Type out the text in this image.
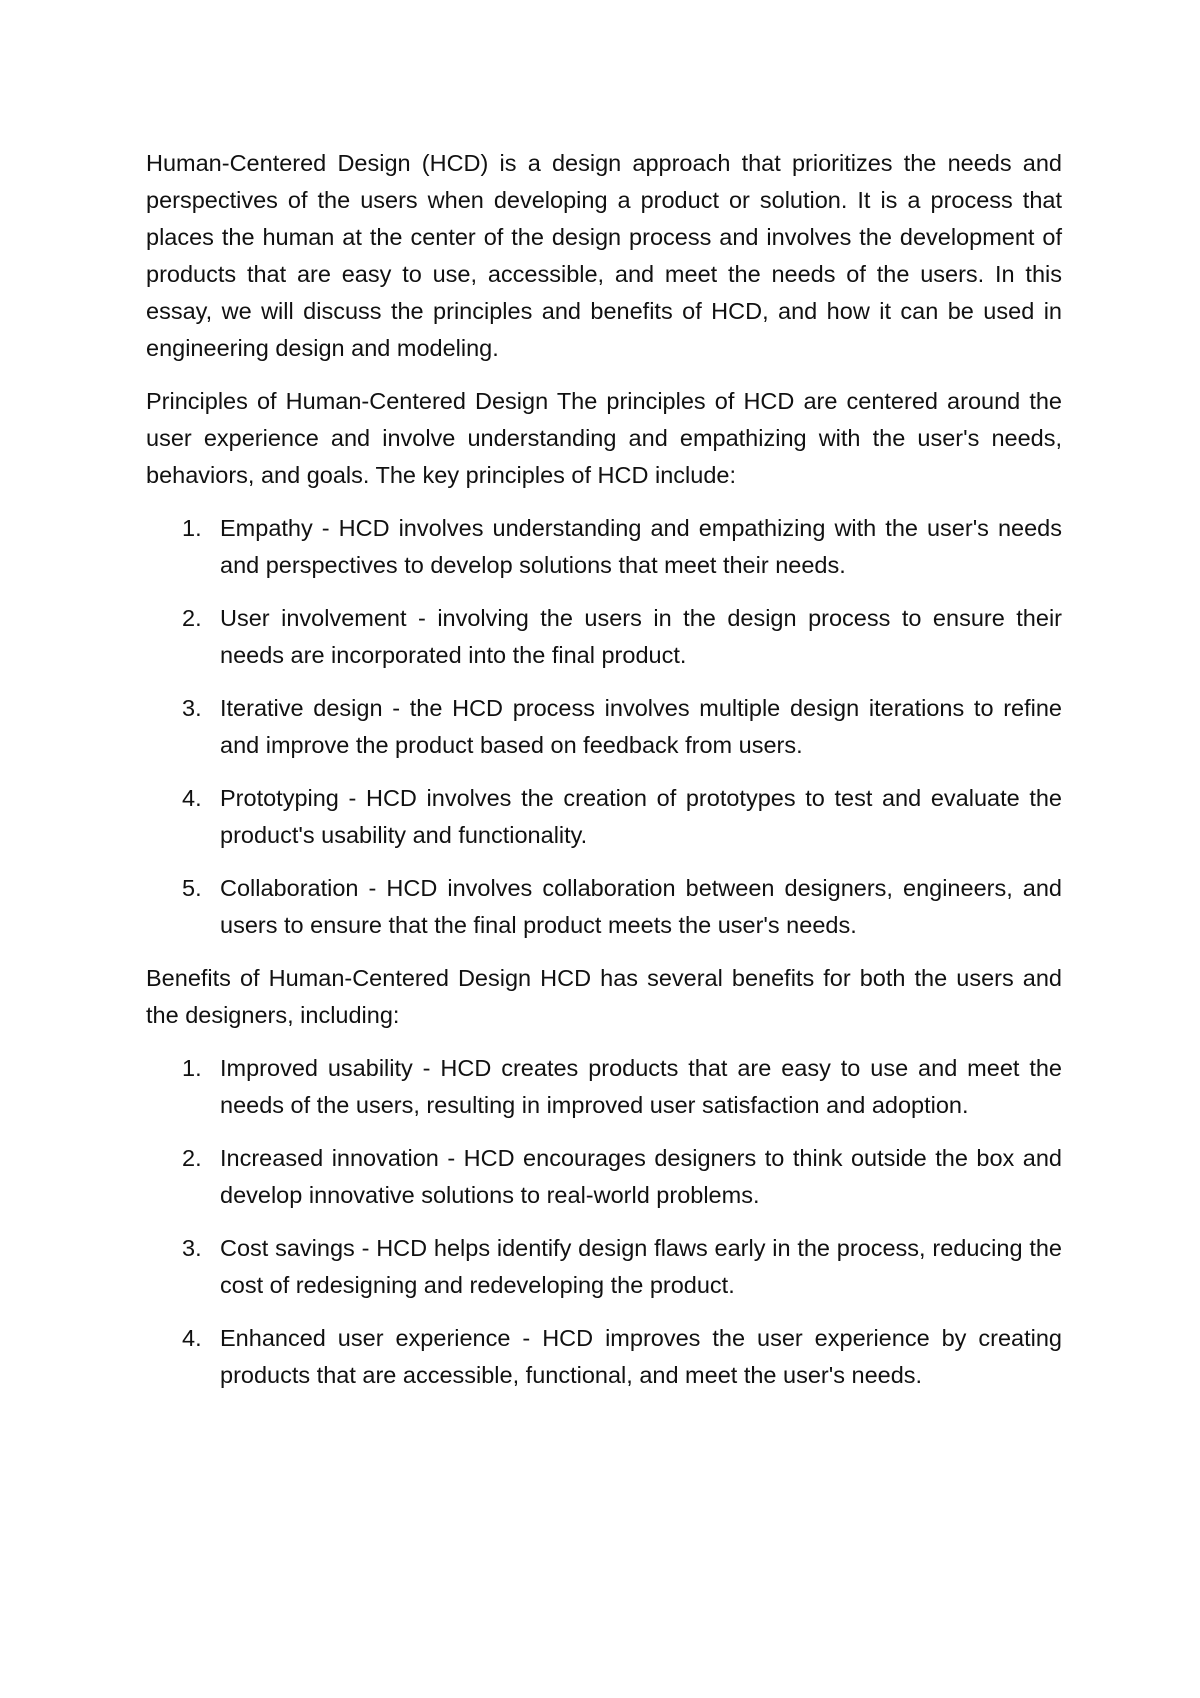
Human-Centered Design (HCD) is a design approach that prioritizes the needs and perspectives of the users when developing a product or solution. It is a process that places the human at the center of the design process and involves the development of products that are easy to use, accessible, and meet the needs of the users. In this essay, we will discuss the principles and benefits of HCD, and how it can be used in engineering design and modeling.

Principles of Human-Centered Design The principles of HCD are centered around the user experience and involve understanding and empathizing with the user's needs, behaviors, and goals. The key principles of HCD include:

1. Empathy - HCD involves understanding and empathizing with the user's needs and perspectives to develop solutions that meet their needs.
2. User involvement - involving the users in the design process to ensure their needs are incorporated into the final product.
3. Iterative design - the HCD process involves multiple design iterations to refine and improve the product based on feedback from users.
4. Prototyping - HCD involves the creation of prototypes to test and evaluate the product's usability and functionality.
5. Collaboration - HCD involves collaboration between designers, engineers, and users to ensure that the final product meets the user's needs.

Benefits of Human-Centered Design HCD has several benefits for both the users and the designers, including:

1. Improved usability - HCD creates products that are easy to use and meet the needs of the users, resulting in improved user satisfaction and adoption.
2. Increased innovation - HCD encourages designers to think outside the box and develop innovative solutions to real-world problems.
3. Cost savings - HCD helps identify design flaws early in the process, reducing the cost of redesigning and redeveloping the product.
4. Enhanced user experience - HCD improves the user experience by creating products that are accessible, functional, and meet the user's needs.
